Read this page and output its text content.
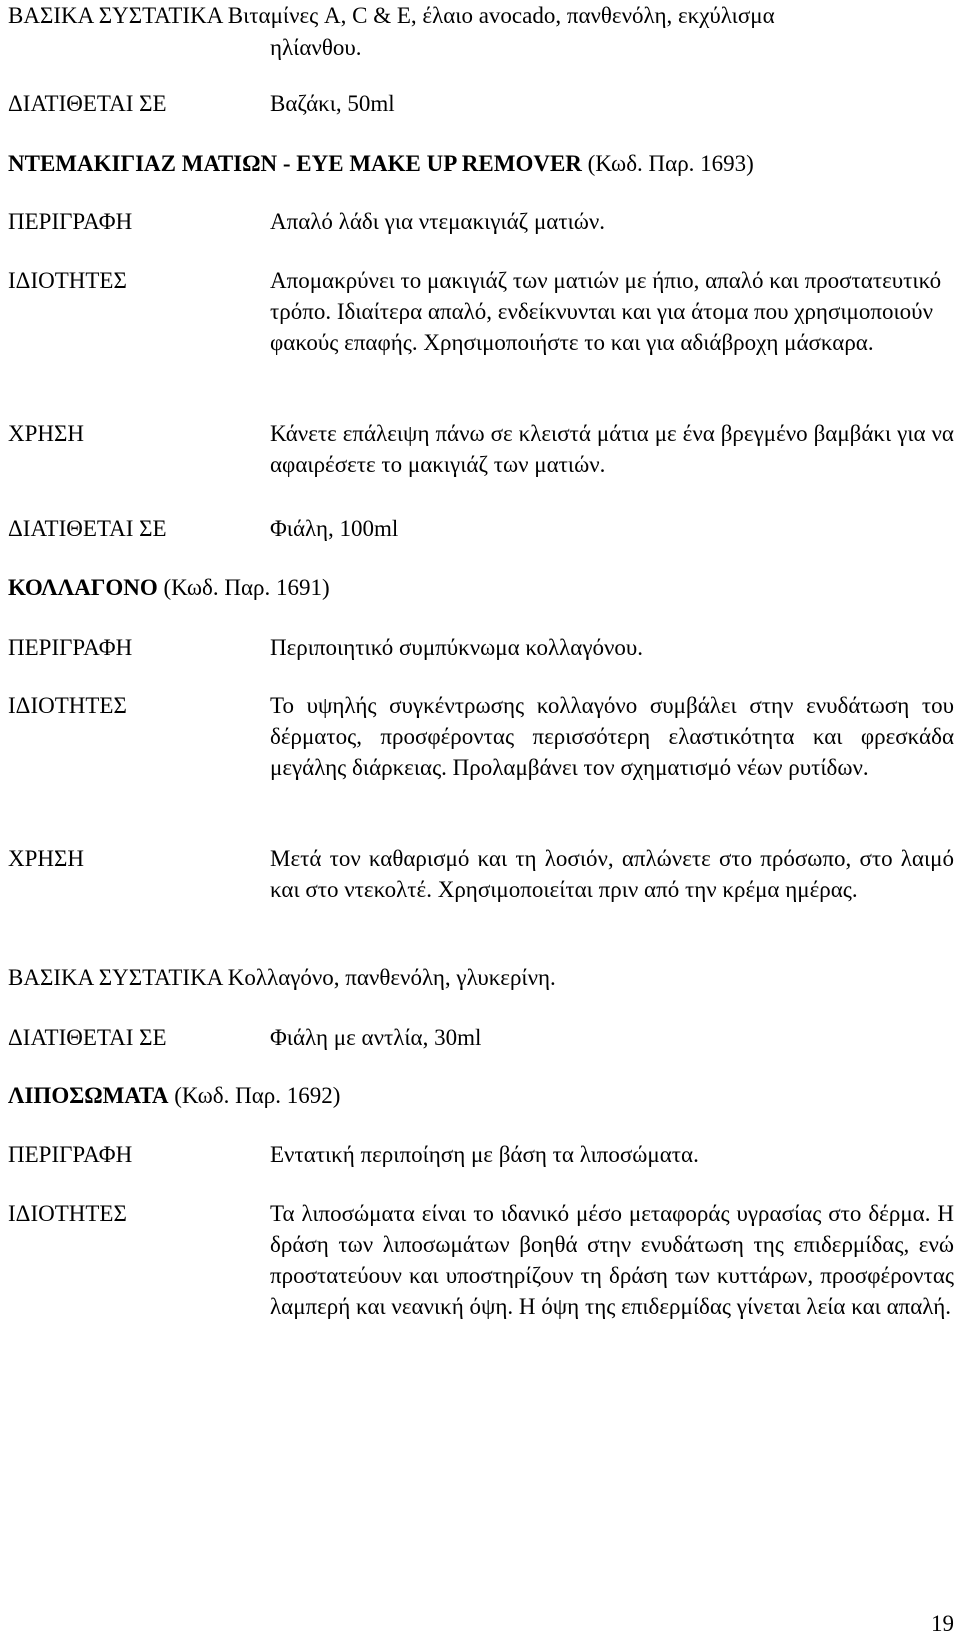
ΒΑΣΙΚΑ ΣΥΣΤΑΤΙΚΑ Βιταμίνες A, C & E, έλαιο avocado, πανθενόλη, εκχύλισμα
ηλίανθου.
ΔΙΑΤΙΘΕΤΑΙ ΣΕ	Βαζάκι, 50ml
ΝΤΕΜΑΚΙΓΙΑΖ ΜΑΤΙΩΝ - EYE MAKE UP REMOVER (Κωδ. Παρ. 1693)
ΠΕΡΙΓΡΑΦΗ	Απαλό λάδι για ντεμακιγιάζ ματιών.
ΙΔΙΟΤΗΤΕΣ	Απομακρύνει το μακιγιάζ των ματιών με ήπιο, απαλό και προστατευτικό τρόπο. Ιδιαίτερα απαλό, ενδείκνυνται και για άτομα που χρησιμοποιούν φακούς επαφής. Χρησιμοποιήστε το και για αδιάβροχη μάσκαρα.
ΧΡΗΣΗ	Κάνετε επάλειψη πάνω σε κλειστά μάτια με ένα βρεγμένο βαμβάκι για να αφαιρέσετε το μακιγιάζ των ματιών.
ΔΙΑΤΙΘΕΤΑΙ ΣΕ	Φιάλη, 100ml
ΚΟΛΛΑΓΟΝΟ (Κωδ. Παρ. 1691)
ΠΕΡΙΓΡΑΦΗ	Περιποιητικό συμπύκνωμα κολλαγόνου.
ΙΔΙΟΤΗΤΕΣ	Το υψηλής συγκέντρωσης κολλαγόνο συμβάλει στην ενυδάτωση του δέρματος, προσφέροντας περισσότερη ελαστικότητα και φρεσκάδα μεγάλης διάρκειας. Προλαμβάνει τον σχηματισμό νέων ρυτίδων.
ΧΡΗΣΗ	Μετά τον καθαρισμό και τη λοσιόν, απλώνετε στο πρόσωπο, στο λαιμό και στο ντεκολτέ. Χρησιμοποιείται πριν από την κρέμα ημέρας.
ΒΑΣΙΚΑ ΣΥΣΤΑΤΙΚΑ Κολλαγόνο, πανθενόλη, γλυκερίνη.
ΔΙΑΤΙΘΕΤΑΙ ΣΕ	Φιάλη με αντλία, 30ml
ΛΙΠΟΣΩΜΑΤΑ (Κωδ. Παρ. 1692)
ΠΕΡΙΓΡΑΦΗ	Εντατική περιποίηση με βάση τα λιποσώματα.
ΙΔΙΟΤΗΤΕΣ	Τα λιποσώματα είναι το ιδανικό μέσο μεταφοράς υγρασίας στο δέρμα. Η δράση των λιποσωμάτων βοηθά στην ενυδάτωση της επιδερμίδας, ενώ προστατεύουν και υποστηρίζουν τη δράση των κυττάρων, προσφέροντας λαμπερή και νεανική όψη. Η όψη της επιδερμίδας γίνεται λεία και απαλή.
19
